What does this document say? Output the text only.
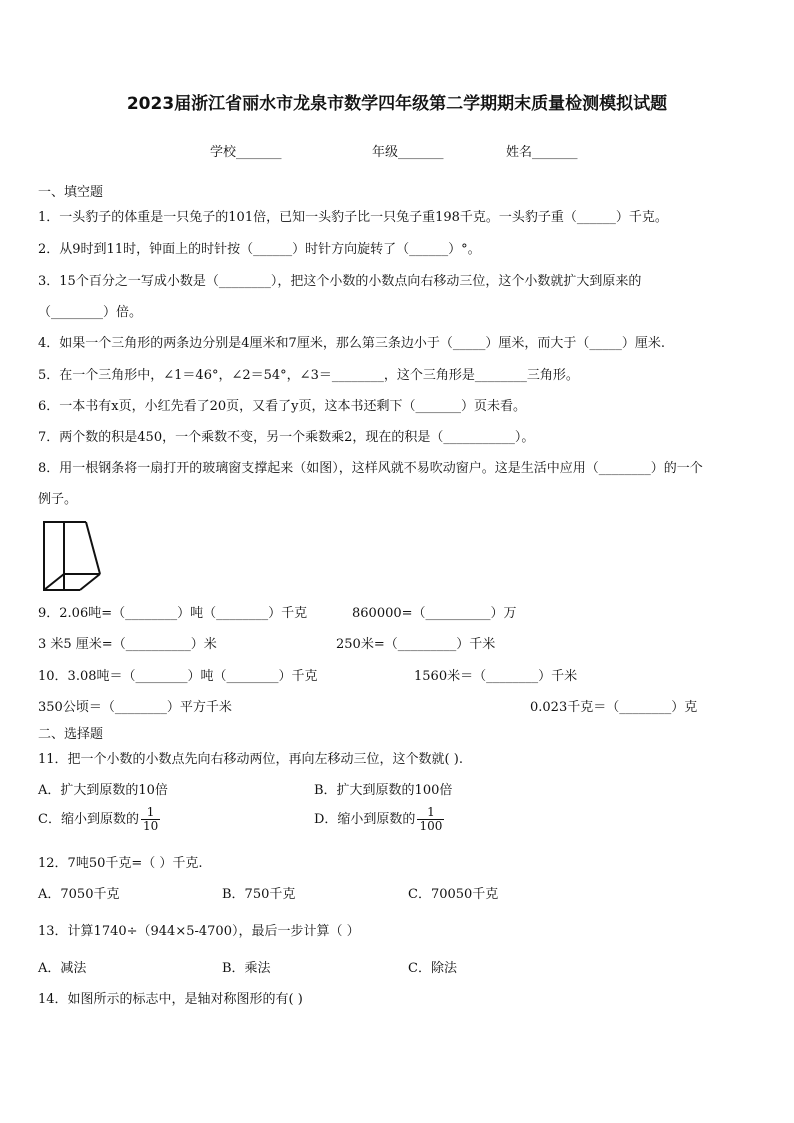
2023届浙江省丽水市龙泉市数学四年级第二学期期末质量检测模拟试题
学校_______	年级_______	姓名_______
一、填空题
1．一头豹子的体重是一只兔子的101倍，已知一头豹子比一只兔子重198千克。一头豹子重（______）千克。
2．从9时到11时，钟面上的时针按（______）时针方向旋转了（______）°。
3．15个百分之一写成小数是（________），把这个小数的小数点向右移动三位，这个小数就扩大到原来的
（________）倍。
4．如果一个三角形的两条边分别是4厘米和7厘米，那么第三条边小于（_____）厘米，而大于（_____）厘米.
5．在一个三角形中，∠1＝46°，∠2＝54°，∠3＝________，这个三角形是________三角形。
6．一本书有x页，小红先看了20页，又看了y页，这本书还剩下（_______）页未看。
7．两个数的积是450，一个乘数不变，另一个乘数乘2，现在的积是（___________）。
8．用一根钢条将一扇打开的玻璃窗支撑起来（如图），这样风就不易吹动窗户。这是生活中应用（________）的一个
例子。
9．2.06吨=（________）吨（________）千克	860000=（__________）万
3 米5 厘米=（__________）米	250米=（_________）千米
10．3.08吨＝（________）吨（________）千克	1560米＝（________）千米
350公顷＝（________）平方千米	0.023千克＝（________）克
二、选择题
11．把一个小数的小数点先向右移动两位，再向左移动三位，这个数就( ).
A．扩大到原数的10倍	B．扩大到原数的100倍
C．缩小到原数的 $\frac{1}{10}$	D．缩小到原数的 $\frac{1}{100}$
12．7吨50千克=（ ）千克.
A．7050千克	B．750千克	C．70050千克
13．计算1740÷（944×5-4700），最后一步计算（ ）
A．减法	B．乘法	C．除法
14．如图所示的标志中，是轴对称图形的有( )
